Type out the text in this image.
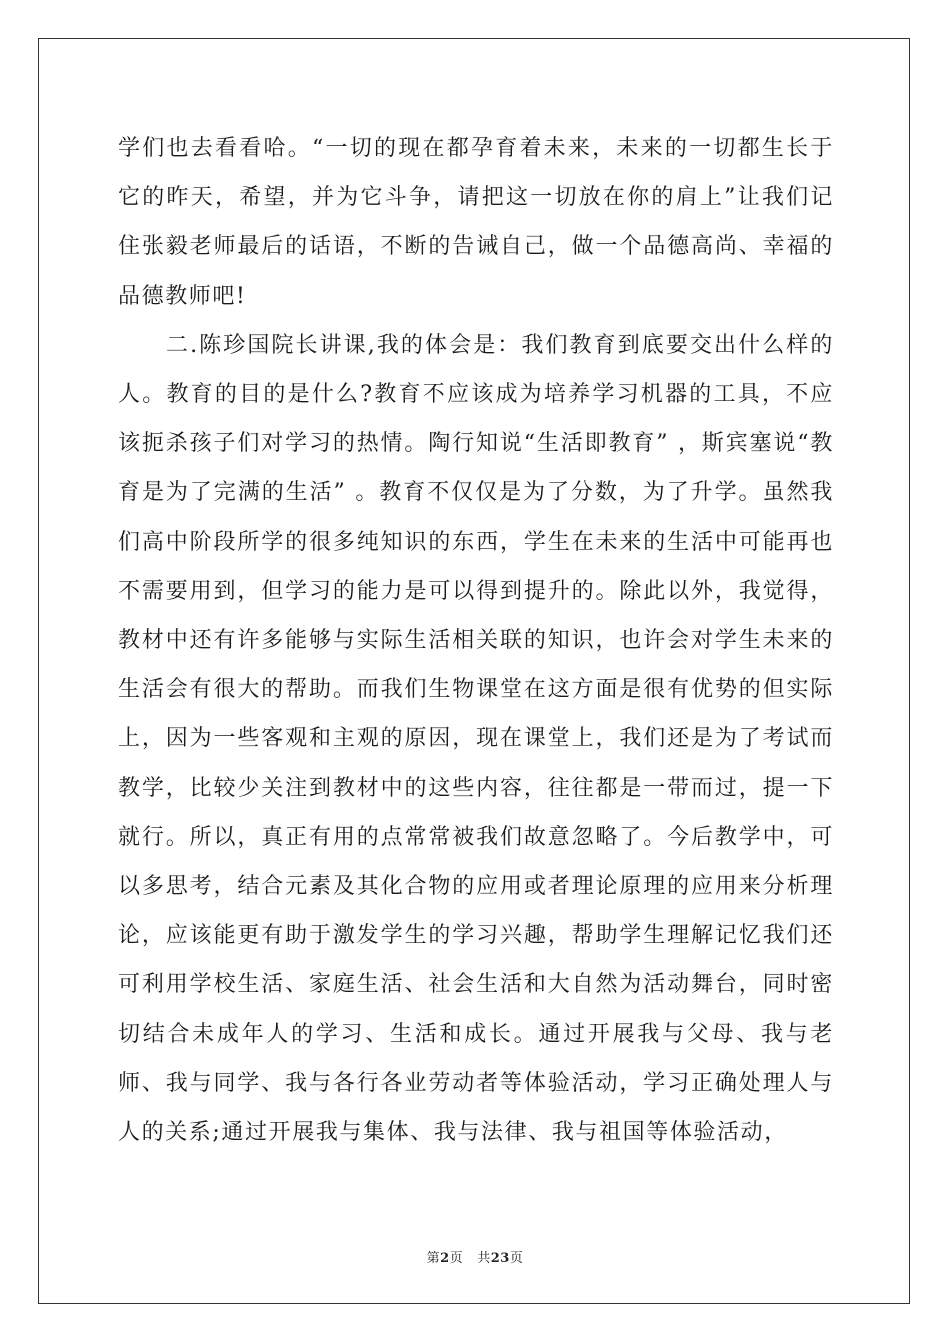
学们也去看看哈。“一切的现在都孕育着未来，未来的一切都生长于它的昨天，希望，并为它斗争，请把这一切放在你的肩上”让我们记住张毅老师最后的话语，不断的告诫自己，做一个品德高尚、幸福的品德教师吧!

二.陈珍国院长讲课,我的体会是：我们教育到底要交出什么样的人。教育的目的是什么?教育不应该成为培养学习机器的工具，不应该扼杀孩子们对学习的热情。陶行知说“生活即教育” ，斯宾塞说“教育是为了完满的生活” 。教育不仅仅是为了分数，为了升学。虽然我们高中阶段所学的很多纯知识的东西，学生在未来的生活中可能再也不需要用到，但学习的能力是可以得到提升的。除此以外，我觉得，教材中还有许多能够与实际生活相关联的知识，也许会对学生未来的生活会有很大的帮助。而我们生物课堂在这方面是很有优势的但实际上，因为一些客观和主观的原因，现在课堂上，我们还是为了考试而教学，比较少关注到教材中的这些内容，往往都是一带而过，提一下就行。所以，真正有用的点常常被我们故意忽略了。今后教学中，可以多思考，结合元素及其化合物的应用或者理论原理的应用来分析理论，应该能更有助于激发学生的学习兴趣，帮助学生理解记忆我们还可利用学校生活、家庭生活、社会生活和大自然为活动舞台，同时密切结合未成年人的学习、生活和成长。通过开展我与父母、我与老师、我与同学、我与各行各业劳动者等体验活动，学习正确处理人与人的关系;通过开展我与集体、我与法律、我与祖国等体验活动，

第2页 共23页
